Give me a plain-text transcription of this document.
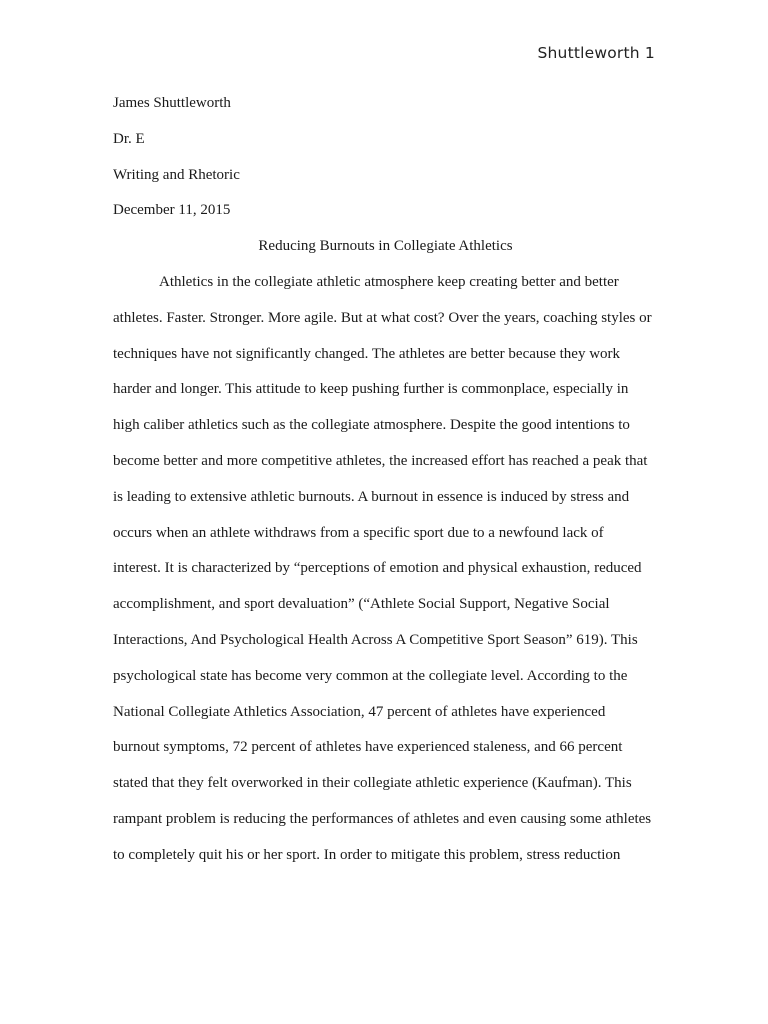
Shuttleworth 1
James Shuttleworth
Dr. E
Writing and Rhetoric
December 11, 2015
Reducing Burnouts in Collegiate Athletics
Athletics in the collegiate athletic atmosphere keep creating better and better
athletes. Faster. Stronger. More agile. But at what cost? Over the years, coaching styles or
techniques have not significantly changed. The athletes are better because they work
harder and longer. This attitude to keep pushing further is commonplace, especially in
high caliber athletics such as the collegiate atmosphere. Despite the good intentions to
become better and more competitive athletes, the increased effort has reached a peak that
is leading to extensive athletic burnouts. A burnout in essence is induced by stress and
occurs when an athlete withdraws from a specific sport due to a newfound lack of
interest. It is characterized by “perceptions of emotion and physical exhaustion, reduced
accomplishment, and sport devaluation” (“Athlete Social Support, Negative Social
Interactions, And Psychological Health Across A Competitive Sport Season” 619). This
psychological state has become very common at the collegiate level. According to the
National Collegiate Athletics Association, 47 percent of athletes have experienced
burnout symptoms, 72 percent of athletes have experienced staleness, and 66 percent
stated that they felt overworked in their collegiate athletic experience (Kaufman). This
rampant problem is reducing the performances of athletes and even causing some athletes
to completely quit his or her sport. In order to mitigate this problem, stress reduction
